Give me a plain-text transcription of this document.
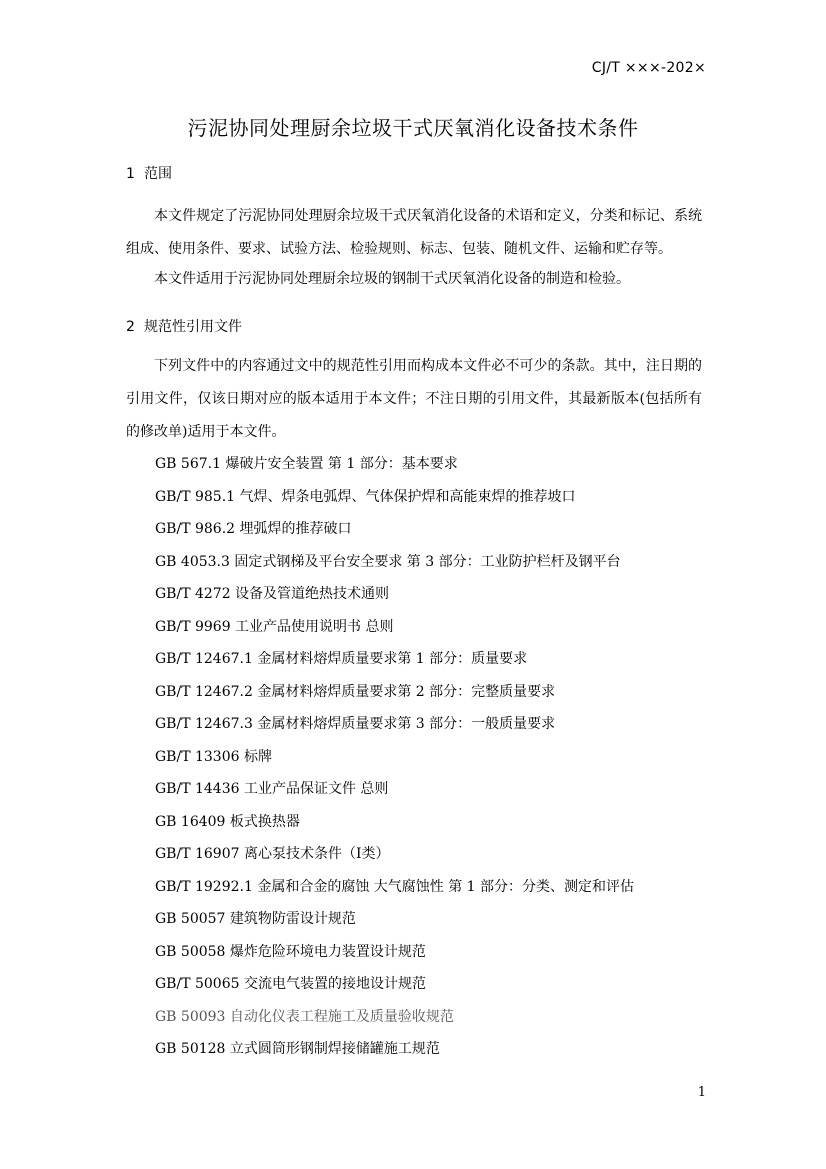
CJ/T ×××-202×
污泥协同处理厨余垃圾干式厌氧消化设备技术条件
1 范围

本文件规定了污泥协同处理厨余垃圾干式厌氧消化设备的术语和定义，分类和标记、系统组成、使用条件、要求、试验方法、检验规则、标志、包装、随机文件、运输和贮存等。

本文件适用于污泥协同处理厨余垃圾的钢制干式厌氧消化设备的制造和检验。

2 规范性引用文件

下列文件中的内容通过文中的规范性引用而构成本文件必不可少的条款。其中，注日期的引用文件，仅该日期对应的版本适用于本文件；不注日期的引用文件，其最新版本(包括所有的修改单)适用于本文件。

GB 567.1 爆破片安全装置 第 1 部分：基本要求
GB/T 985.1 气焊、焊条电弧焊、气体保护焊和高能束焊的推荐坡口
GB/T 986.2 埋弧焊的推荐破口
GB 4053.3 固定式钢梯及平台安全要求 第 3 部分：工业防护栏杆及钢平台
GB/T 4272 设备及管道绝热技术通则
GB/T 9969 工业产品使用说明书 总则
GB/T 12467.1 金属材料熔焊质量要求第 1 部分：质量要求
GB/T 12467.2 金属材料熔焊质量要求第 2 部分：完整质量要求
GB/T 12467.3 金属材料熔焊质量要求第 3 部分：一般质量要求
GB/T 13306 标牌
GB/T 14436 工业产品保证文件 总则
GB 16409 板式换热器
GB/T 16907 离心泵技术条件（I类）
GB/T 19292.1 金属和合金的腐蚀 大气腐蚀性 第 1 部分：分类、测定和评估
GB 50057 建筑物防雷设计规范
GB 50058 爆炸危险环境电力装置设计规范
GB/T 50065 交流电气装置的接地设计规范
GB 50093 自动化仪表工程施工及质量验收规范
GB 50128 立式圆筒形钢制焊接储罐施工规范
1
